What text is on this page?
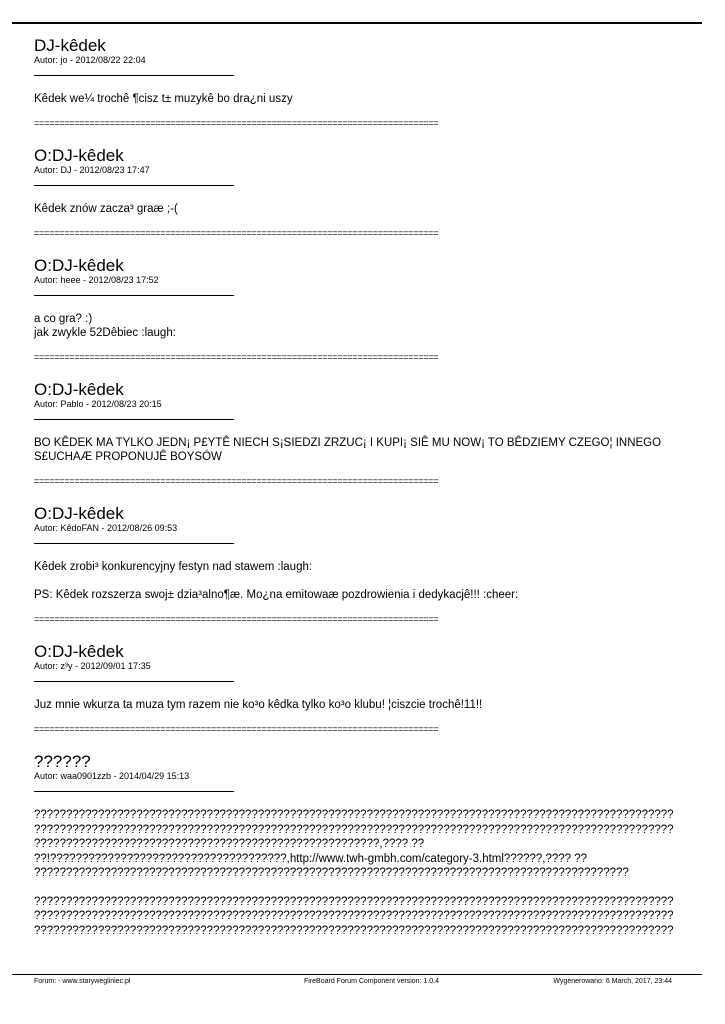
DJ-kêdek
Autor: jo - 2012/08/22 22:04

Kêdek we¼ trochê ¶cisz t± muzykê bo dra¿ni uszy

================================================================================
O:DJ-kêdek
Autor: DJ - 2012/08/23 17:47

Kêdek znów zacza³ graæ ;-(

================================================================================
O:DJ-kêdek
Autor: heee - 2012/08/23 17:52

a co gra? :)
jak zwykle 52Dêbiec :laugh:

================================================================================
O:DJ-kêdek
Autor: Pablo - 2012/08/23 20:15

BO KÊDEK MA TYLKO JEDN¡ P£YTÊ NIECH S¡SIEDZI ZRZUC¡ I KUPI¡ SIÊ MU NOW¡ TO BÊDZIEMY CZEGO¦ INNEGO S£UCHAÆ PROPONUJÊ BOYSÓW

================================================================================
O:DJ-kêdek
Autor: KêdoFAN - 2012/08/26 09:53

Kêdek zrobi³ konkurencyjny festyn nad stawem :laugh:

PS: Kêdek rozszerza swoj± dzia³alno¶æ. Mo¿na emitowaæ pozdrowienia i dedykacjê!!! :cheer:

================================================================================
O:DJ-kêdek
Autor: z³y - 2012/09/01 17:35

Juz mnie wkurza ta muza tym razem nie ko³o kêdka tylko ko³o klubu! ¦ciszcie trochê!11!!

================================================================================
??????
Autor: waa0901zzb - 2014/04/29 15:13

????????????????????????????????????????????????????????????????????????????????????????????????????
????????????????????????????????????????????????????????????????????????????????????????????????????
??????????????????????????????????????????????????????,???? ??
??!?????????????????????????????????????,http://www.twh-gmbh.com/category-3.html??????,???? ??
?????????????????????????????????????????????????????????????????????????????????????????????

????????????????????????????????????????????????????????????????????????????????????????????????????
????????????????????????????????????????????????????????????????????????????????????????????????????
????????????????????????????????????????????????????????????????????????????????????????????????????

Forum: - www.starywegliniec.pl	FireBoard Forum Component version: 1.0.4	Wygenerowano: 6 March, 2017, 23:44
